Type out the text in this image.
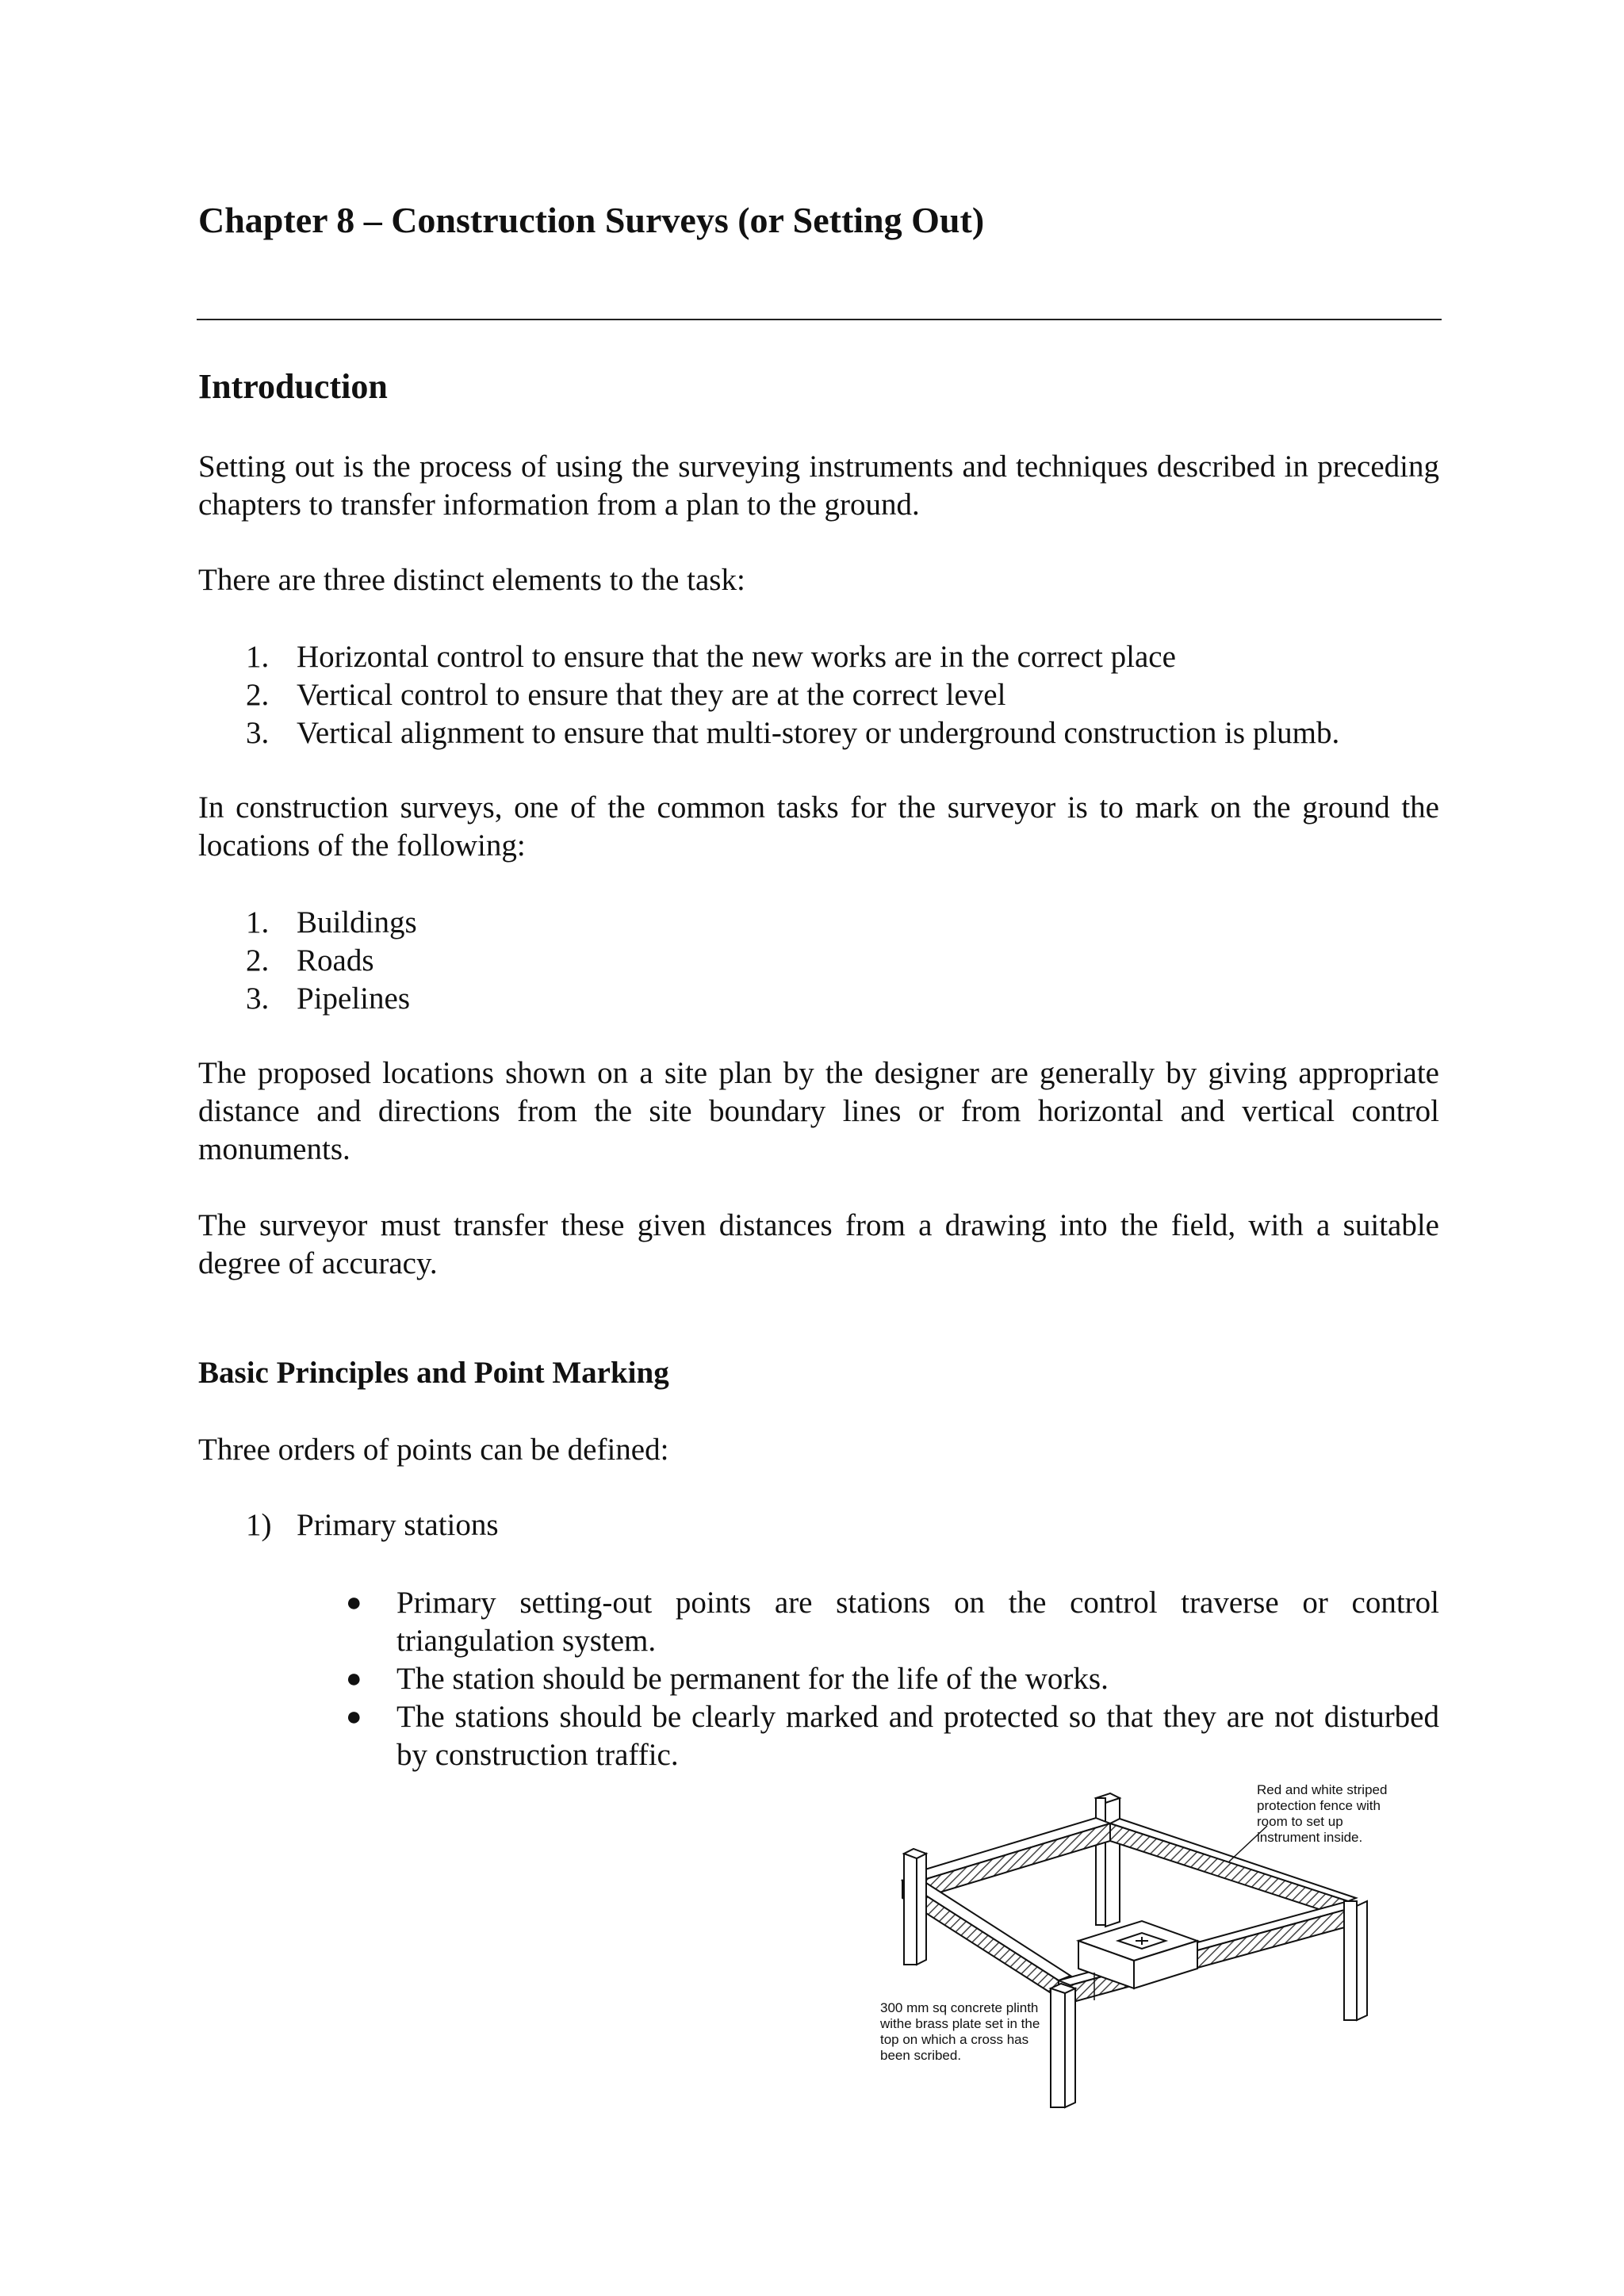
Chapter 8 – Construction Surveys (or Setting Out)
Introduction

Setting out is the process of using the surveying instruments and techniques described in preceding chapters to transfer information from a plan to the ground.

There are three distinct elements to the task:

1. Horizontal control to ensure that the new works are in the correct place
2. Vertical control to ensure that they are at the correct level
3. Vertical alignment to ensure that multi-storey or underground construction is plumb.

In construction surveys, one of the common tasks for the surveyor is to mark on the ground the locations of the following:

1. Buildings
2. Roads
3. Pipelines

The proposed locations shown on a site plan by the designer are generally by giving appropriate distance and directions from the site boundary lines or from horizontal and vertical control monuments.

The surveyor must transfer these given distances from a drawing into the field, with a suitable degree of accuracy.

Basic Principles and Point Marking

Three orders of points can be defined:

1) Primary stations
● Primary setting-out points are stations on the control traverse or control triangulation system.
● The station should be permanent for the life of the works.
● The stations should be clearly marked and protected so that they are not disturbed by construction traffic.

Red and white striped
protection fence with
room to set up
instrument inside.

300 mm sq concrete plinth
withe brass plate set in the
top on which a cross has
been scribed.
